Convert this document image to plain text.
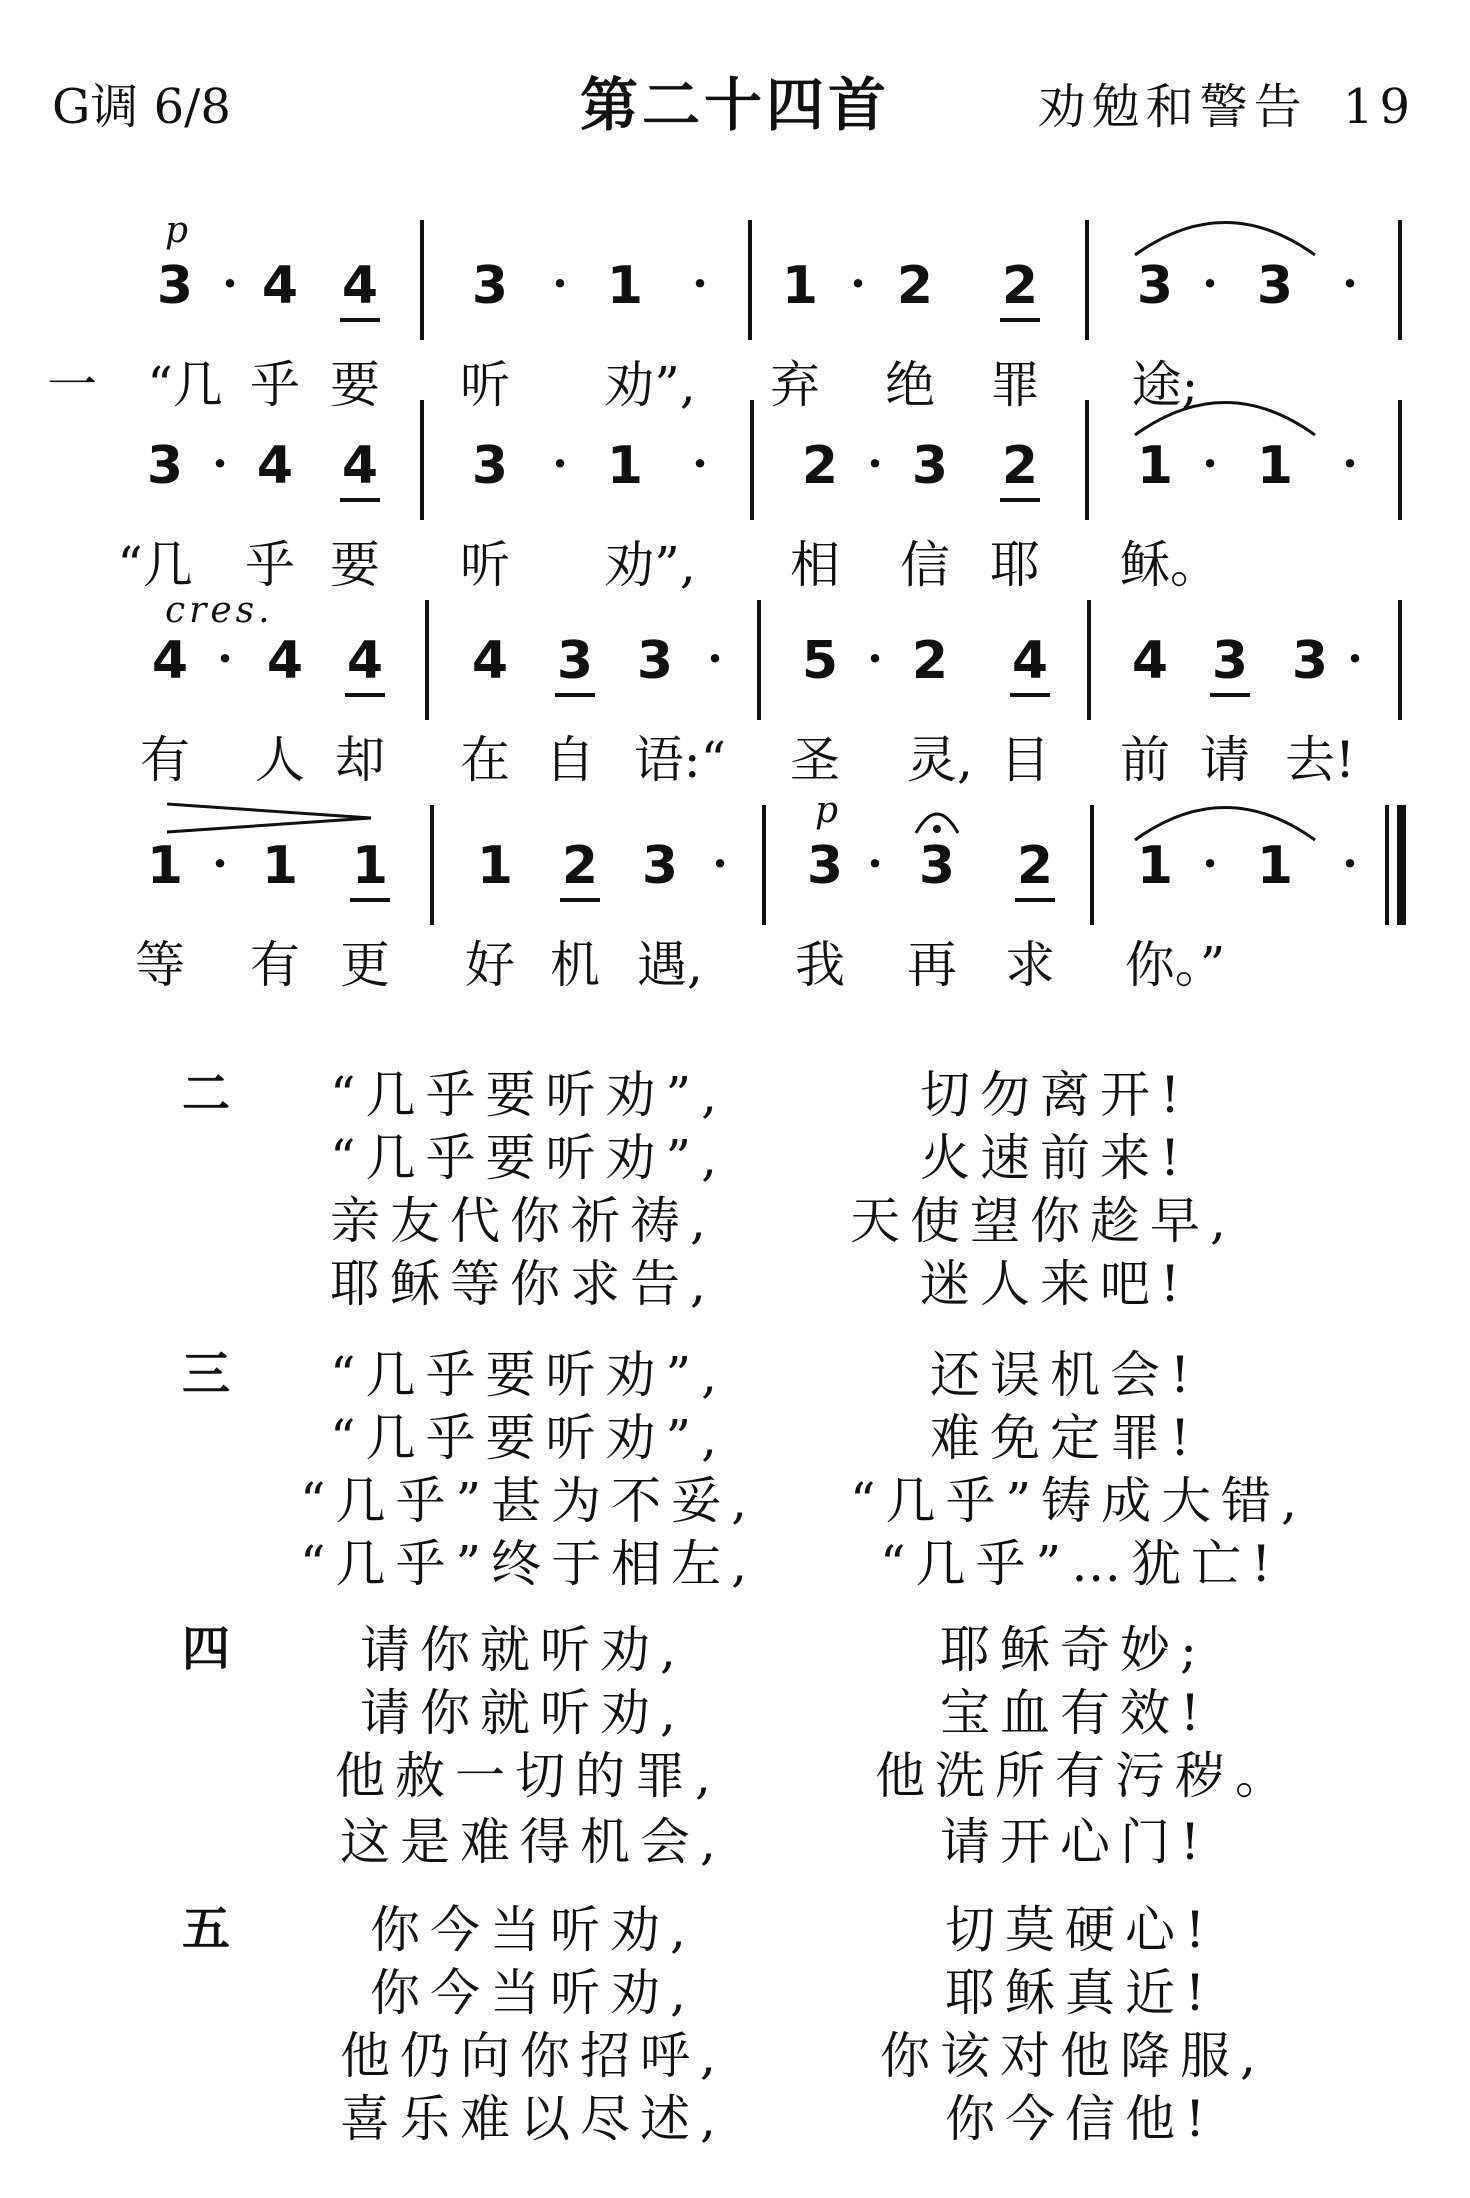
G调 6/8	第二十四首	劝勉和警告 19
p
3 · 4 4	3 · 1	·	1 · 2	2	3 · 3	·
一 “几 乎 要 听 劝”, 弃 绝 罪 途;
3 · 4 4	3 · 1	·	2 · 3	2	1 · 1	·
“几 乎 要 听 劝”, 相 信 耶 稣。
cres.
4 · 4 4	4 3 3 ·	5 · 2	4	4 3 3 ·
有 人 却 在 自 语:“ 圣 灵, 目 前 请 去!
1 · 1	1	1 2 3 ·
p
3 · 3	2	1 · 1	·
等 有 更 好 机 遇, 我 再 求 你。”
二 “几乎要听劝”,	切勿离开!
“几乎要听劝”,	火速前来!
亲友代你祈祷,	天使望你趁早,
耶稣等你求告,	迷人来吧!
三 “几乎要听劝”,	还误机会!
“几乎要听劝”,	难免定罪!
“几乎”甚为不妥, “几乎”铸成大错,
“几乎”终于相左, “几乎”…犹亡!
四	请你就听劝,	耶稣奇妙;
请你就听劝,	宝血有效!
他赦一切的罪,	他洗所有污秽。
这是难得机会,	请开心门!
五	你今当听劝,	切莫硬心!
你今当听劝,	耶稣真近!
他仍向你招呼,	你该对他降服,
喜乐难以尽述,	你今信他!
